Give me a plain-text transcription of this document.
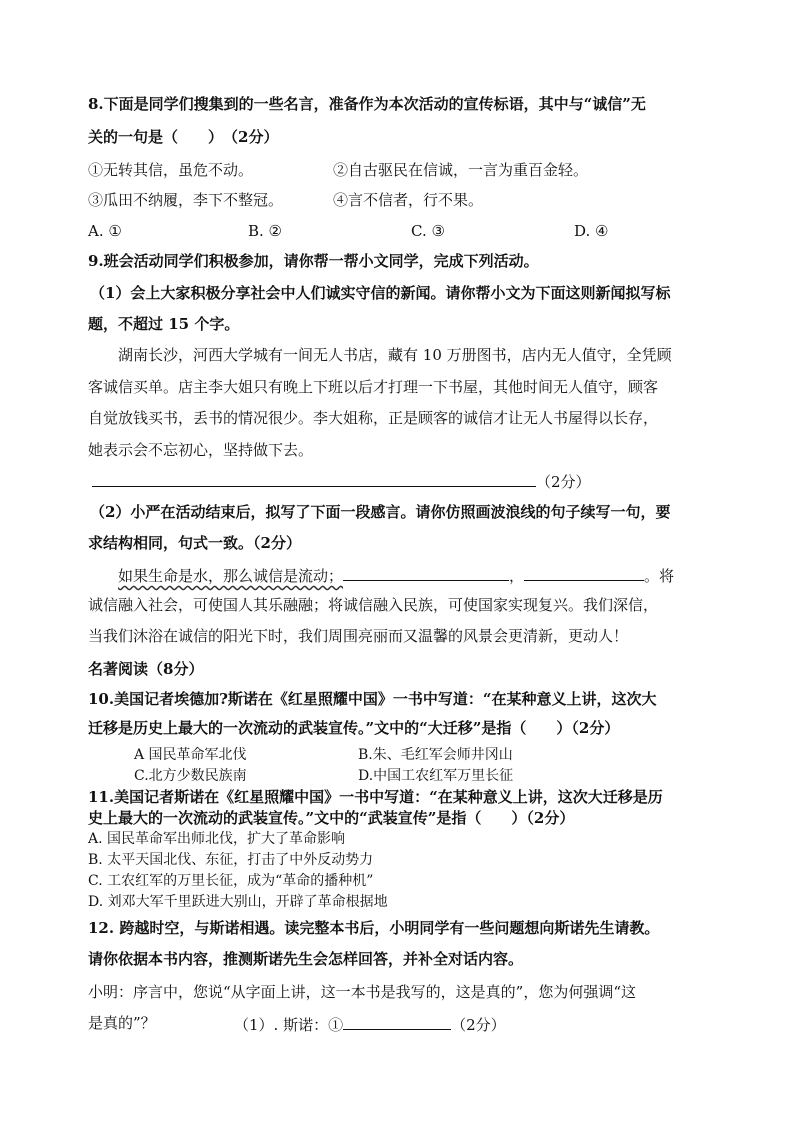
8.下面是同学们搜集到的一些名言，准备作为本次活动的宣传标语，其中与“诚信”无
关的一句是（　　）　（2分）
①无转其信，虽危不动。	②自古驱民在信诚，一言为重百金轻。
③瓜田不纳履，李下不整冠。	④言不信者，行不果。
A. ①	B. ②	C. ③	D. ④
9.班会活动同学们积极参加，请你帮一帮小文同学，完成下列活动。
（1）会上大家积极分享社会中人们诚实守信的新闻。请你帮小文为下面这则新闻拟写标
题，不超过 15 个字。
湖南长沙，河西大学城有一间无人书店，藏有 10 万册图书，店内无人值守，全凭顾
客诚信买单。店主李大姐只有晚上下班以后才打理一下书屋，其他时间无人值守，顾客
自觉放钱买书，丢书的情况很少。李大姐称，正是顾客的诚信才让无人书屋得以长存，
她表示会不忘初心，坚持做下去。
（2分）
（2）小严在活动结束后，拟写了下面一段感言。请你仿照画波浪线的句子续写一句，要
求结构相同，句式一致。（2分）
如果生命是水，那么诚信是流动；	，	。将
诚信融入社会，可使国人其乐融融；将诚信融入民族，可使国家实现复兴。我们深信，
当我们沐浴在诚信的阳光下时，我们周围亮丽而又温馨的风景会更清新，更动人！
名著阅读（8分）
10.美国记者埃德加?斯诺在《红星照耀中国》一书中写道：“在某种意义上讲，这次大
迁移是历史上最大的一次流动的武装宣传。”文中的“大迁移”是指（　　）（2分）
A 国民革命军北伐	B.朱、毛红军会师井冈山
C.北方少数民族南	D.中国工农红军万里长征
11.美国记者斯诺在《红星照耀中国》一书中写道：“在某种意义上讲，这次大迁移是历
史上最大的一次流动的武装宣传。”文中的“武装宣传”是指（　　）（2分）
A. 国民革命军出师北伐，扩大了革命影响
B. 太平天国北伐、东征，打击了中外反动势力
C. 工农红军的万里长征，成为“革命的播种机”
D. 刘邓大军千里跃进大别山，开辟了革命根据地
12. 跨越时空，与斯诺相遇。读完整本书后，小明同学有一些问题想向斯诺先生请教。
请你依据本书内容，推测斯诺先生会怎样回答，并补全对话内容。
小明：序言中，您说“从字面上讲，这一本书是我写的，这是真的”，您为何强调“这
是真的”？	（1）. 斯诺：①	（2分）
